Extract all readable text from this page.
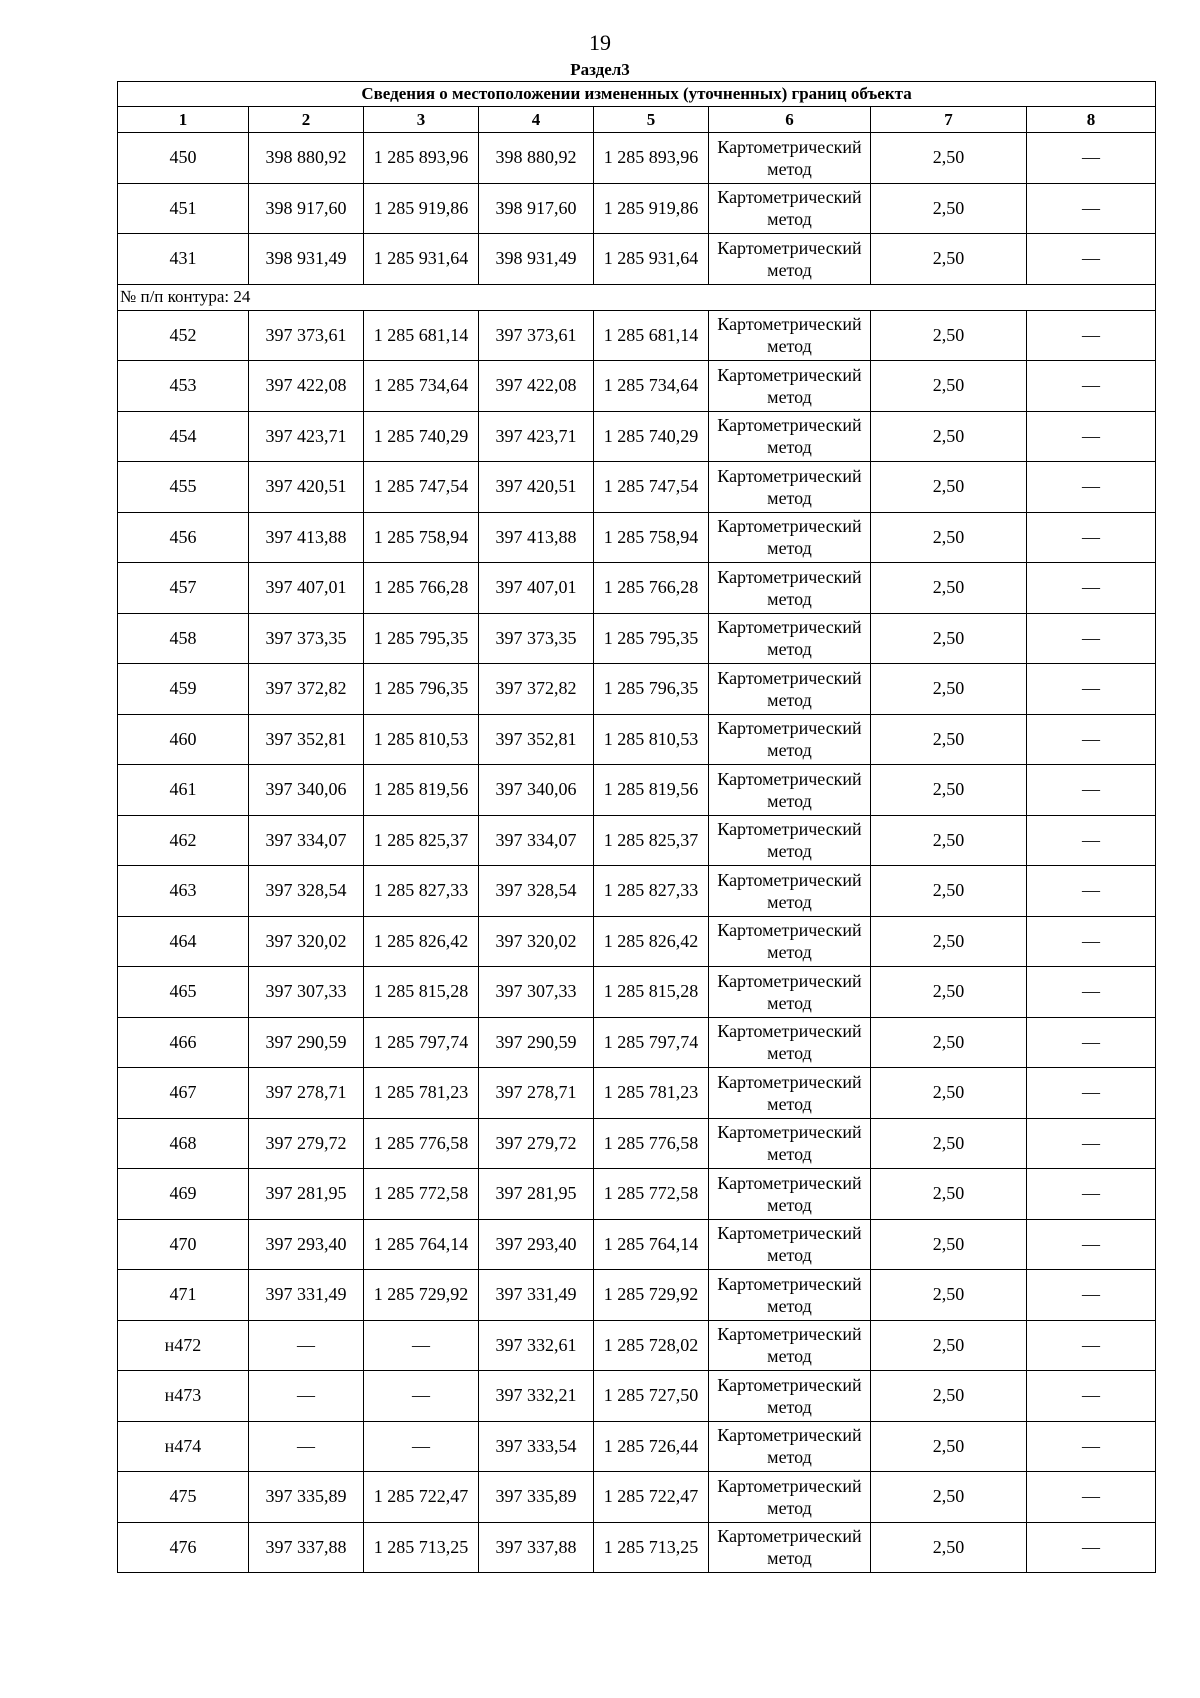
19
Раздел3
Сведения о местоположении измененных (уточненных) границ объекта							
1	2	3	4	5	6	7	8
450	398 880,92	1 285 893,96	398 880,92	1 285 893,96	Картометрический метод	2,50	—
451	398 917,60	1 285 919,86	398 917,60	1 285 919,86	Картометрический метод	2,50	—
431	398 931,49	1 285 931,64	398 931,49	1 285 931,64	Картометрический метод	2,50	—
№ п/п контура: 24							
452	397 373,61	1 285 681,14	397 373,61	1 285 681,14	Картометрический метод	2,50	—
453	397 422,08	1 285 734,64	397 422,08	1 285 734,64	Картометрический метод	2,50	—
454	397 423,71	1 285 740,29	397 423,71	1 285 740,29	Картометрический метод	2,50	—
455	397 420,51	1 285 747,54	397 420,51	1 285 747,54	Картометрический метод	2,50	—
456	397 413,88	1 285 758,94	397 413,88	1 285 758,94	Картометрический метод	2,50	—
457	397 407,01	1 285 766,28	397 407,01	1 285 766,28	Картометрический метод	2,50	—
458	397 373,35	1 285 795,35	397 373,35	1 285 795,35	Картометрический метод	2,50	—
459	397 372,82	1 285 796,35	397 372,82	1 285 796,35	Картометрический метод	2,50	—
460	397 352,81	1 285 810,53	397 352,81	1 285 810,53	Картометрический метод	2,50	—
461	397 340,06	1 285 819,56	397 340,06	1 285 819,56	Картометрический метод	2,50	—
462	397 334,07	1 285 825,37	397 334,07	1 285 825,37	Картометрический метод	2,50	—
463	397 328,54	1 285 827,33	397 328,54	1 285 827,33	Картометрический метод	2,50	—
464	397 320,02	1 285 826,42	397 320,02	1 285 826,42	Картометрический метод	2,50	—
465	397 307,33	1 285 815,28	397 307,33	1 285 815,28	Картометрический метод	2,50	—
466	397 290,59	1 285 797,74	397 290,59	1 285 797,74	Картометрический метод	2,50	—
467	397 278,71	1 285 781,23	397 278,71	1 285 781,23	Картометрический метод	2,50	—
468	397 279,72	1 285 776,58	397 279,72	1 285 776,58	Картометрический метод	2,50	—
469	397 281,95	1 285 772,58	397 281,95	1 285 772,58	Картометрический метод	2,50	—
470	397 293,40	1 285 764,14	397 293,40	1 285 764,14	Картометрический метод	2,50	—
471	397 331,49	1 285 729,92	397 331,49	1 285 729,92	Картометрический метод	2,50	—
н472	—	—	397 332,61	1 285 728,02	Картометрический метод	2,50	—
н473	—	—	397 332,21	1 285 727,50	Картометрический метод	2,50	—
н474	—	—	397 333,54	1 285 726,44	Картометрический метод	2,50	—
475	397 335,89	1 285 722,47	397 335,89	1 285 722,47	Картометрический метод	2,50	—
476	397 337,88	1 285 713,25	397 337,88	1 285 713,25	Картометрический метод	2,50	—
